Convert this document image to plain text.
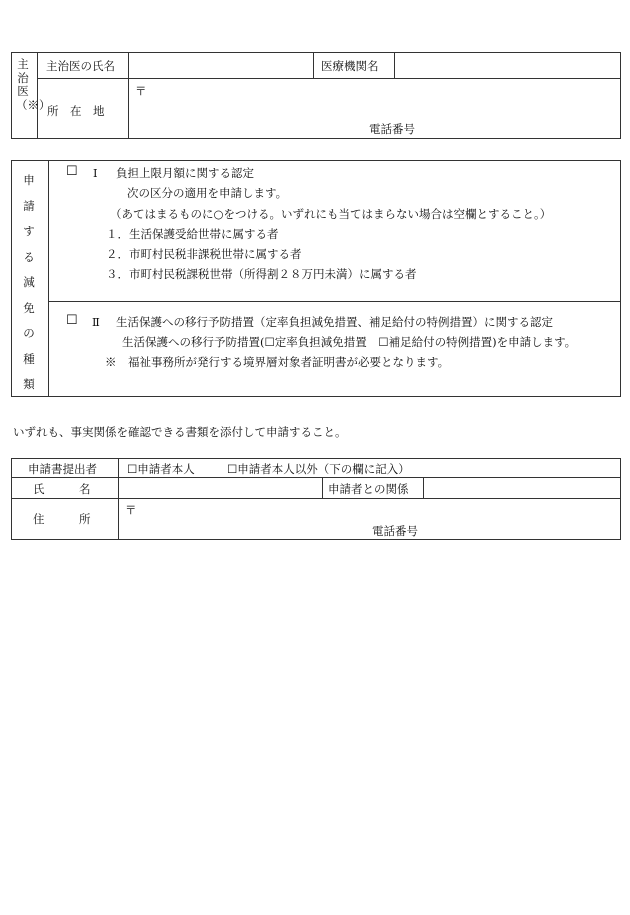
主治医（※）
主治医の氏名	医療機関名
所　在　地
〒
電話番号
申請する減免の種類
☐ Ⅰ 負担上限月額に関する認定
次の区分の適用を申請します。
（あてはまるものに○をつける。いずれにも当てはまらない場合は空欄とすること。）
１．生活保護受給世帯に属する者
２．市町村民税非課税世帯に属する者
３．市町村民税課税世帯（所得割２８万円未満）に属する者
☐ Ⅱ 生活保護への移行予防措置（定率負担減免措置、補足給付の特例措置）に関する認定
生活保護への移行予防措置(☐定率負担減免措置　☐補足給付の特例措置)を申請します。
※　福祉事務所が発行する境界層対象者証明書が必要となります。
いずれも、事実関係を確認できる書類を添付して申請すること。
申請書提出者	☐申請者本人	☐申請者本人以外（下の欄に記入）
氏　　　名	申請者との関係
住　　　所
〒
電話番号
